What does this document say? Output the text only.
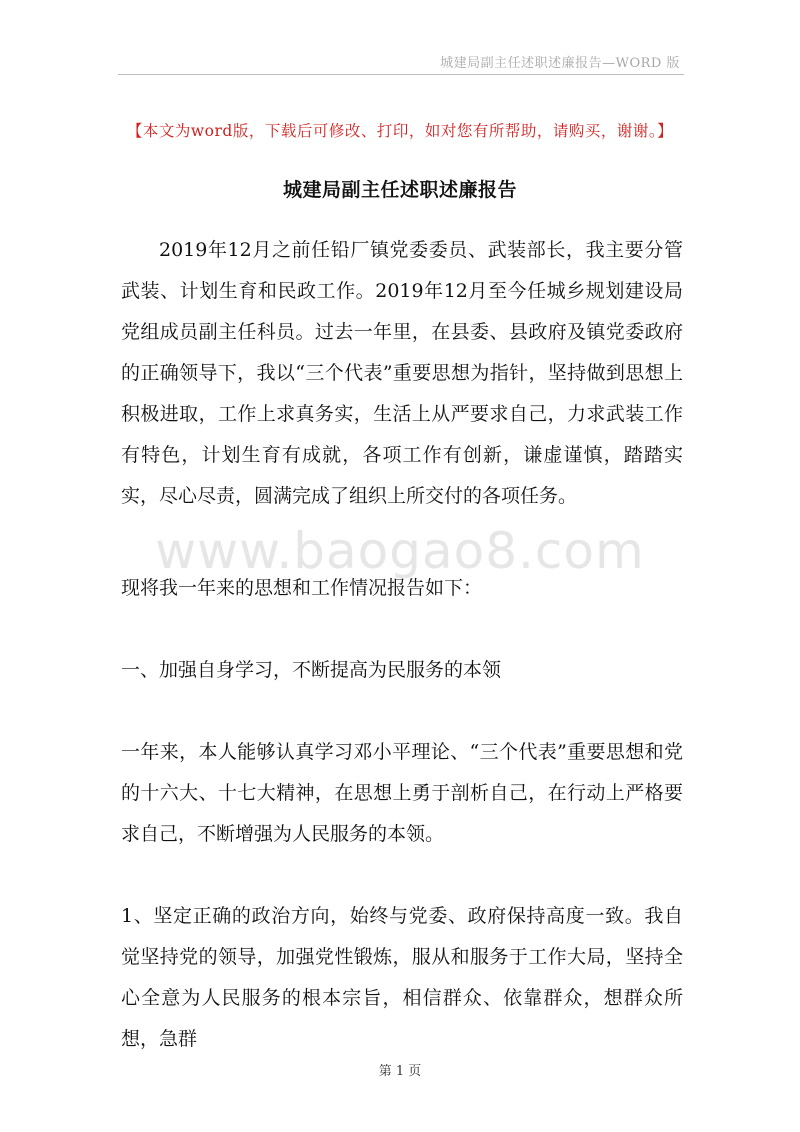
城建局副主任述职述廉报告—WORD 版
【本文为word版，下载后可修改、打印，如对您有所帮助，请购买，谢谢。】
城建局副主任述职述廉报告

2019年12月之前任铅厂镇党委委员、武装部长，我主要分管武装、计划生育和民政工作。2019年12月至今任城乡规划建设局党组成员副主任科员。过去一年里，在县委、县政府及镇党委政府的正确领导下，我以“三个代表”重要思想为指针，坚持做到思想上积极进取，工作上求真务实，生活上从严要求自己，力求武装工作有特色，计划生育有成就，各项工作有创新，谦虚谨慎，踏踏实实，尽心尽责，圆满完成了组织上所交付的各项任务。

www.baogao8.com

现将我一年来的思想和工作情况报告如下：

一、加强自身学习，不断提高为民服务的本领

一年来，本人能够认真学习邓小平理论、“三个代表”重要思想和党的十六大、十七大精神，在思想上勇于剖析自己，在行动上严格要求自己，不断增强为人民服务的本领。

1、坚定正确的政治方向，始终与党委、政府保持高度一致。我自觉坚持党的领导，加强党性锻炼，服从和服务于工作大局，坚持全心全意为人民服务的根本宗旨，相信群众、依靠群众，想群众所想，急群

第 1 页
